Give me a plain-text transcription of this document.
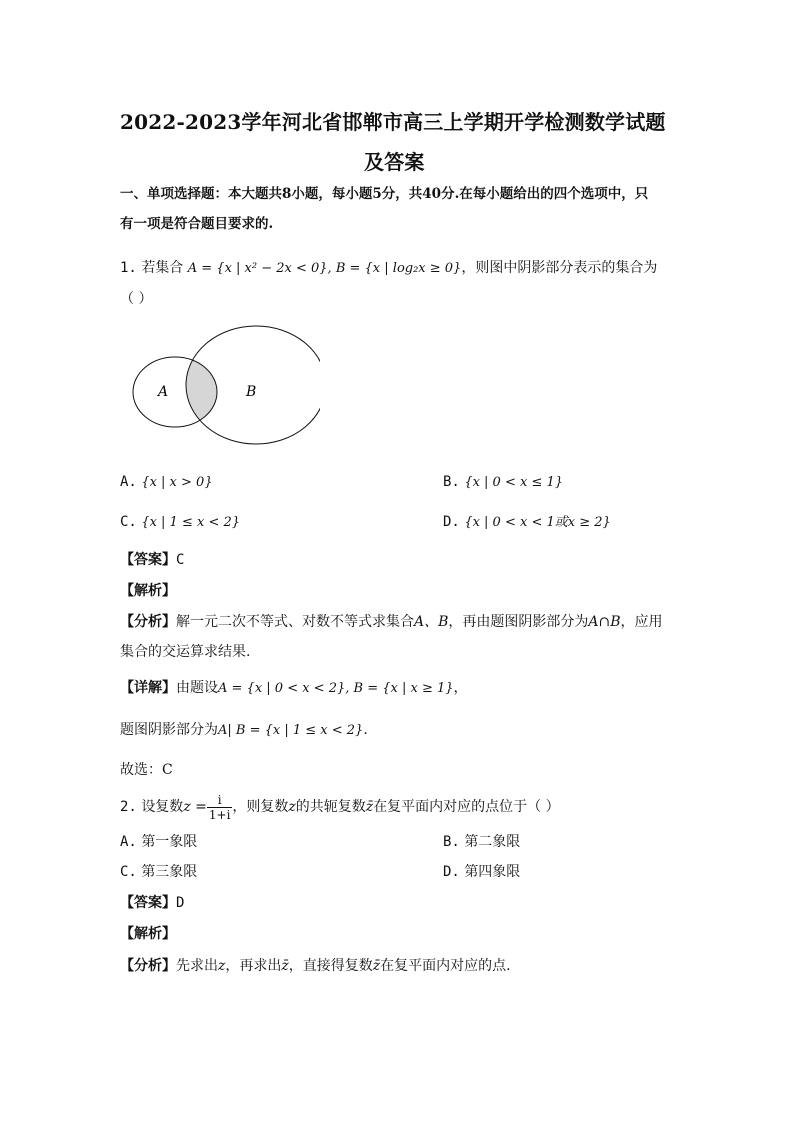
2022-2023学年河北省邯郸市高三上学期开学检测数学试题
及答案
一、单项选择题：本大题共8小题，每小题5分，共40分.在每小题给出的四个选项中，只
有一项是符合题目要求的.
1. 若集合 A = {x | x² − 2x < 0}, B = {x | log₂x ≥ 0}，则图中阴影部分表示的集合为
（ ）
A	B
A. {x | x > 0}	B. {x | 0 < x ≤ 1}
C. {x | 1 ≤ x < 2}	D. {x | 0 < x < 1或x ≥ 2}
【答案】C
【解析】
【分析】解一元二次不等式、对数不等式求集合A、B，再由题图阴影部分为A∩B，应用
集合的交运算求结果.
【详解】由题设A = {x | 0 < x < 2}, B = {x | x ≥ 1}，
题图阴影部分为A| B = {x | 1 ≤ x < 2}.
故选：C
2. 设复数$z = \frac{i}{1+i}$ ，则复数z的共轭复数z̄在复平面内对应的点位于（ ）
A. 第一象限	B. 第二象限
C. 第三象限	D. 第四象限
【答案】D
【解析】
【分析】先求出z，再求出z̄，直接得复数z̄在复平面内对应的点.
